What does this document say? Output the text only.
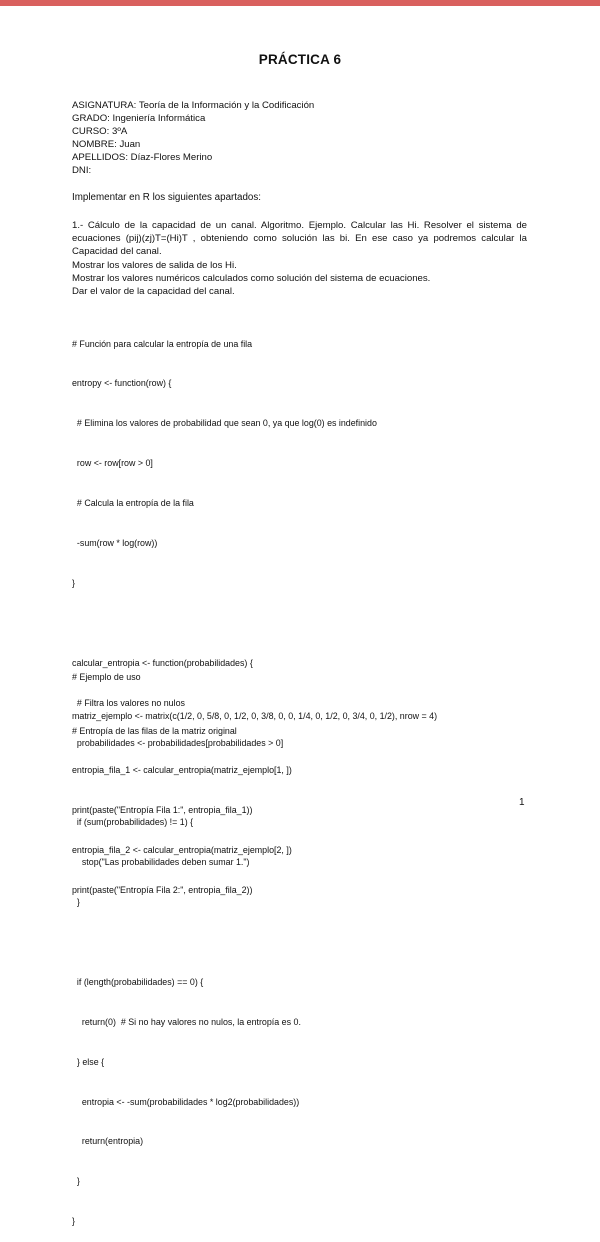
PRÁCTICA 6
ASIGNATURA: Teoría de la Información y la Codificación
GRADO: Ingeniería Informática
CURSO: 3ºA
NOMBRE: Juan
APELLIDOS: Díaz-Flores Merino
DNI:
Implementar en R los siguientes apartados:
1.- Cálculo de la capacidad de un canal. Algoritmo. Ejemplo. Calcular las Hi. Resolver el sistema de ecuaciones (pij)(zj)T=(Hi)T , obteniendo como solución las bi. En ese caso ya podremos calcular la Capacidad del canal.
Mostrar los valores de salida de los Hi.
Mostrar los valores numéricos calculados como solución del sistema de ecuaciones.
Dar el valor de la capacidad del canal.

# Función para calcular la entropía de una fila

entropy <- function(row) {

# Elimina los valores de probabilidad que sean 0, ya que log(0) es indefinido

row <- row[row > 0]

# Calcula la entropía de la fila

-sum(row * log(row))

}

calcular_entropia <- function(probabilidades) {

# Filtra los valores no nulos

probabilidades <- probabilidades[probabilidades > 0]

if (sum(probabilidades) != 1) {

stop("Las probabilidades deben sumar 1.")

}

if (length(probabilidades) == 0) {

return(0)  # Si no hay valores no nulos, la entropía es 0.

} else {

entropia <- -sum(probabilidades * log2(probabilidades))

return(entropia)

}

}

# Ejemplo de uso

matriz_ejemplo <- matrix(c(1/2, 0, 5/8, 0, 1/2, 0, 3/8, 0, 0, 1/4, 0, 1/2, 0, 3/4, 0, 1/2), nrow = 4)

# Entropía de las filas de la matriz original

entropia_fila_1 <- calcular_entropia(matriz_ejemplo[1, ])

print(paste("Entropía Fila 1:", entropia_fila_1))

entropia_fila_2 <- calcular_entropia(matriz_ejemplo[2, ])

print(paste("Entropía Fila 2:", entropia_fila_2))

1
